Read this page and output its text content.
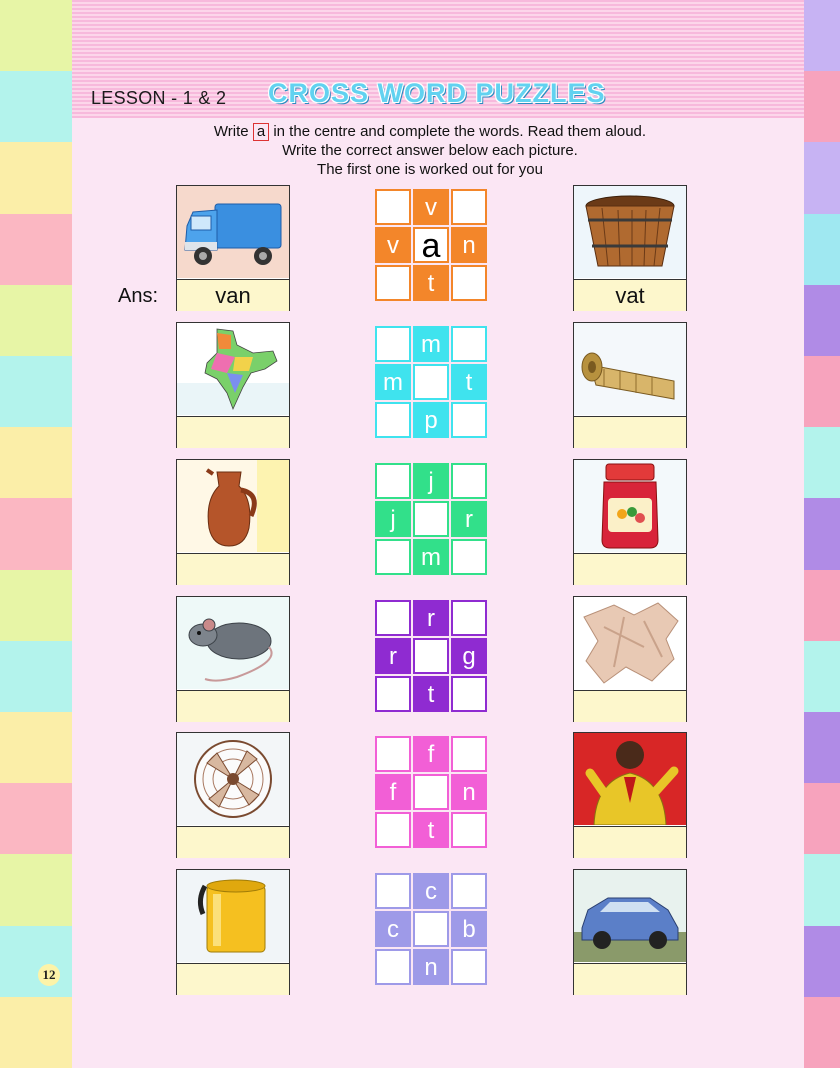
LESSON - 1 & 2 CROSS WORD PUZZLES
Write a in the centre and complete the words. Read them aloud.
Write the correct answer below each picture.
The first one is worked out for you
Ans:	van	vat
v
v a n
t
m
m	t
p
j
j	r
m
r
r	g
t
f
f	n
t
c
c	b
n
12
